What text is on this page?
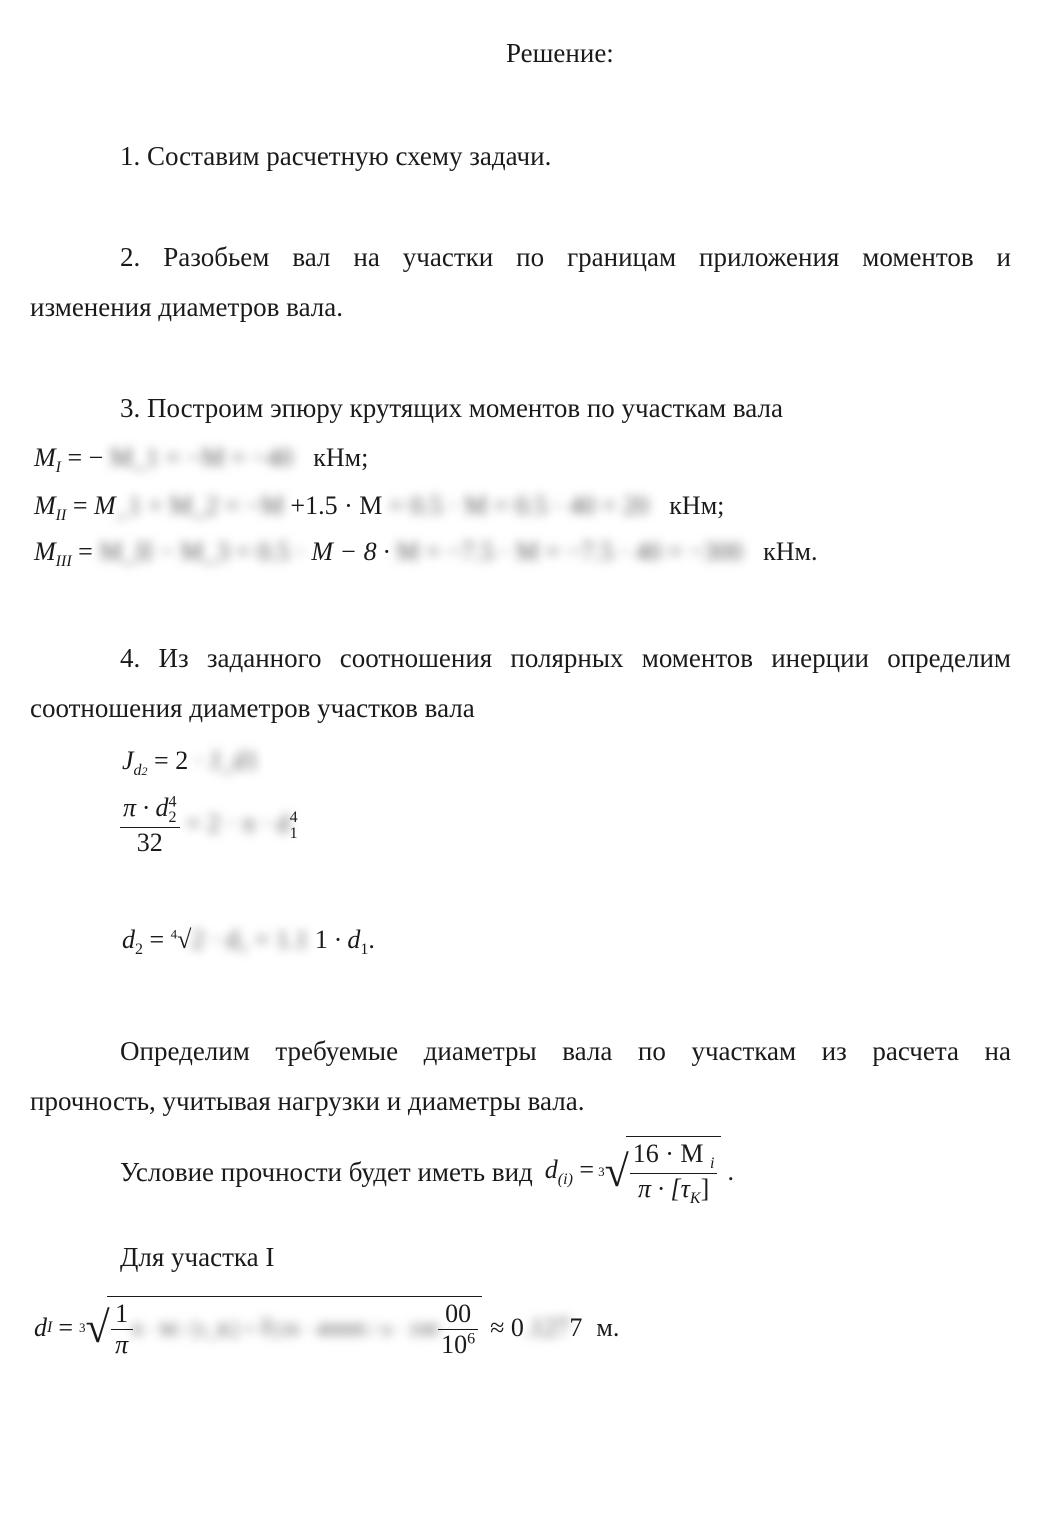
Решение:
1. Составим расчетную схему задачи.
2. Разобьем вал на участки по границам приложения моментов и
изменения диаметров вала.
3. Построим эпюру крутящих моментов по участкам вала
$M_I$ = − M_1 = −M = −40 кНм;
$M_{II}$ = M_1 + M_2 = −M +1.5 · M = 0.5 · M = 0.5 · 40 = 20 кНм;
$M_{III}$ = M_II − M_3 = 0.5 · M − 8 · M = −7.5 · M = −7.5 · 40 = −300 кНм.
4. Из заданного соотношения полярных моментов инерции определим
соотношения диаметров участков вала
$J_{d2} = 2$ · J_d1
$\frac{\pi \cdot d^4_2}{32} = 2 \cdot \pi \cdot d^4_1$
$d_2 = ^4√2 \cdot d_1 = 1.1$ $1 \cdot d_1$.
Определим требуемые диаметры вала по участкам из расчета на
прочность, учитывая нагрузки и диаметры вала.
Условие прочности будет иметь вид $d_{(i)} = 3$ √ $\frac{16 \cdot M _i}{\pi \cdot [\tau_K]}$ .
Для участка I
d I = 3 √ $\frac{1}{\pi} 6 \cdot M$ / [τ_K] = ∛(16 · $40000 / \pi \cdot 100 \frac{00}{10^6} \approx 0$ .127 7 м.
